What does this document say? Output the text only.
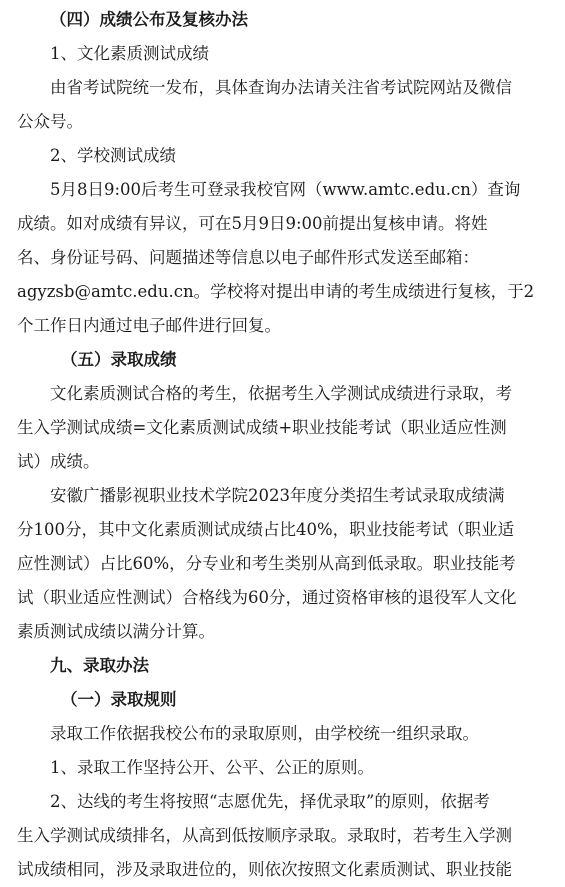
（四）成绩公布及复核办法
1、文化素质测试成绩
由省考试院统一发布，具体查询办法请关注省考试院网站及微信
公众号。
2、学校测试成绩
5月8日9:00后考生可登录我校官网（www.amtc.edu.cn）查询
成绩。如对成绩有异议，可在5月9日9:00前提出复核申请。将姓
名、身份证号码、问题描述等信息以电子邮件形式发送至邮箱：
agyzsb@amtc.edu.cn。学校将对提出申请的考生成绩进行复核，于2
个工作日内通过电子邮件进行回复。
（五）录取成绩
文化素质测试合格的考生，依据考生入学测试成绩进行录取，考
生入学测试成绩=文化素质测试成绩+职业技能考试（职业适应性测
试）成绩。
安徽广播影视职业技术学院2023年度分类招生考试录取成绩满
分100分，其中文化素质测试成绩占比40%，职业技能考试（职业适
应性测试）占比60%，分专业和考生类别从高到低录取。职业技能考
试（职业适应性测试）合格线为60分，通过资格审核的退役军人文化
素质测试成绩以满分计算。
九、录取办法
（一）录取规则
录取工作依据我校公布的录取原则，由学校统一组织录取。
1、录取工作坚持公开、公平、公正的原则。
2、达线的考生将按照“志愿优先，择优录取”的原则，依据考
生入学测试成绩排名，从高到低按顺序录取。录取时，若考生入学测
试成绩相同，涉及录取进位的，则依次按照文化素质测试、职业技能
